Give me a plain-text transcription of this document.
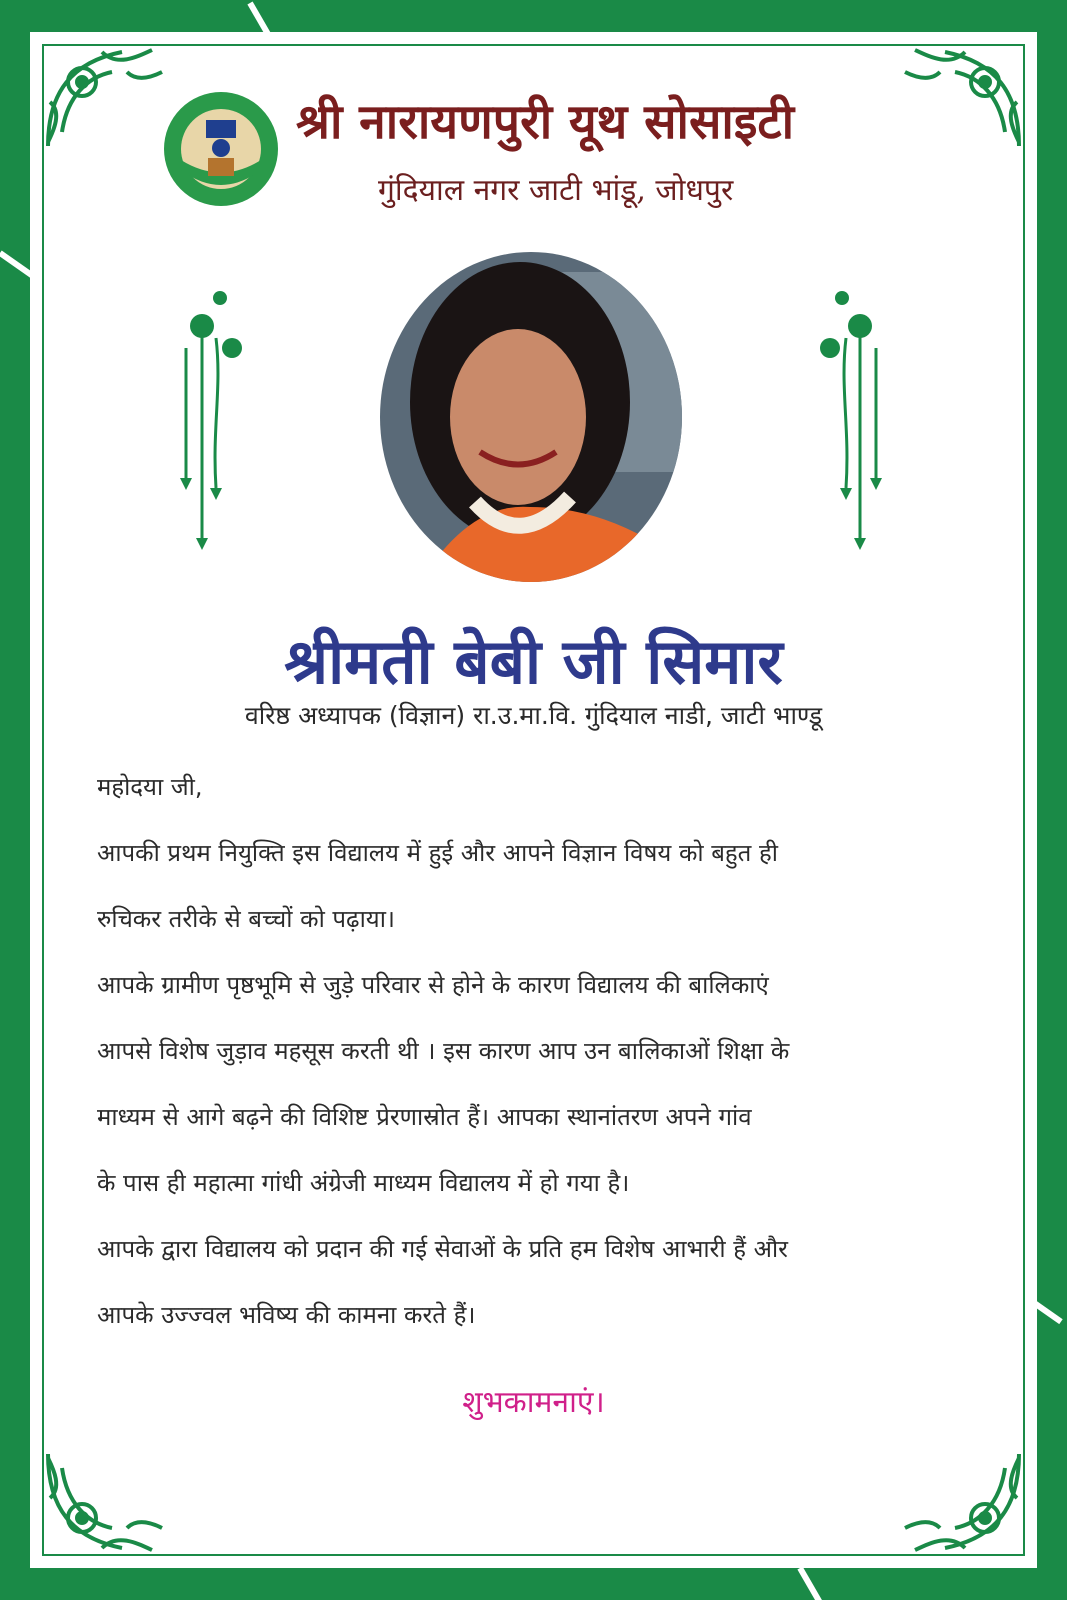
श्री नारायणपुरी यूथ सोसाइटी
गुंदियाल नगर जाटी भांडू, जोधपुर
श्रीमती बेबी जी सिमार
वरिष्ठ अध्यापक (विज्ञान) रा.उ.मा.वि. गुंदियाल नाडी, जाटी भाण्डू

महोदया जी,

आपकी प्रथम नियुक्ति इस विद्यालय में हुई और आपने विज्ञान विषय को बहुत ही

रुचिकर तरीके से बच्चों को पढ़ाया।

आपके ग्रामीण पृष्ठभूमि से जुड़े परिवार से होने के कारण विद्यालय की बालिकाएं

आपसे विशेष जुड़ाव महसूस करती थी । इस कारण आप उन बालिकाओं शिक्षा के

माध्यम से आगे बढ़ने की विशिष्ट प्रेरणास्रोत हैं। आपका स्थानांतरण अपने गांव

के पास ही महात्मा गांधी अंग्रेजी माध्यम विद्यालय में हो गया है।

आपके द्वारा विद्यालय को प्रदान की गई सेवाओं के प्रति हम विशेष आभारी हैं और

आपके उज्ज्वल भविष्य की कामना करते हैं।

शुभकामनाएं।
